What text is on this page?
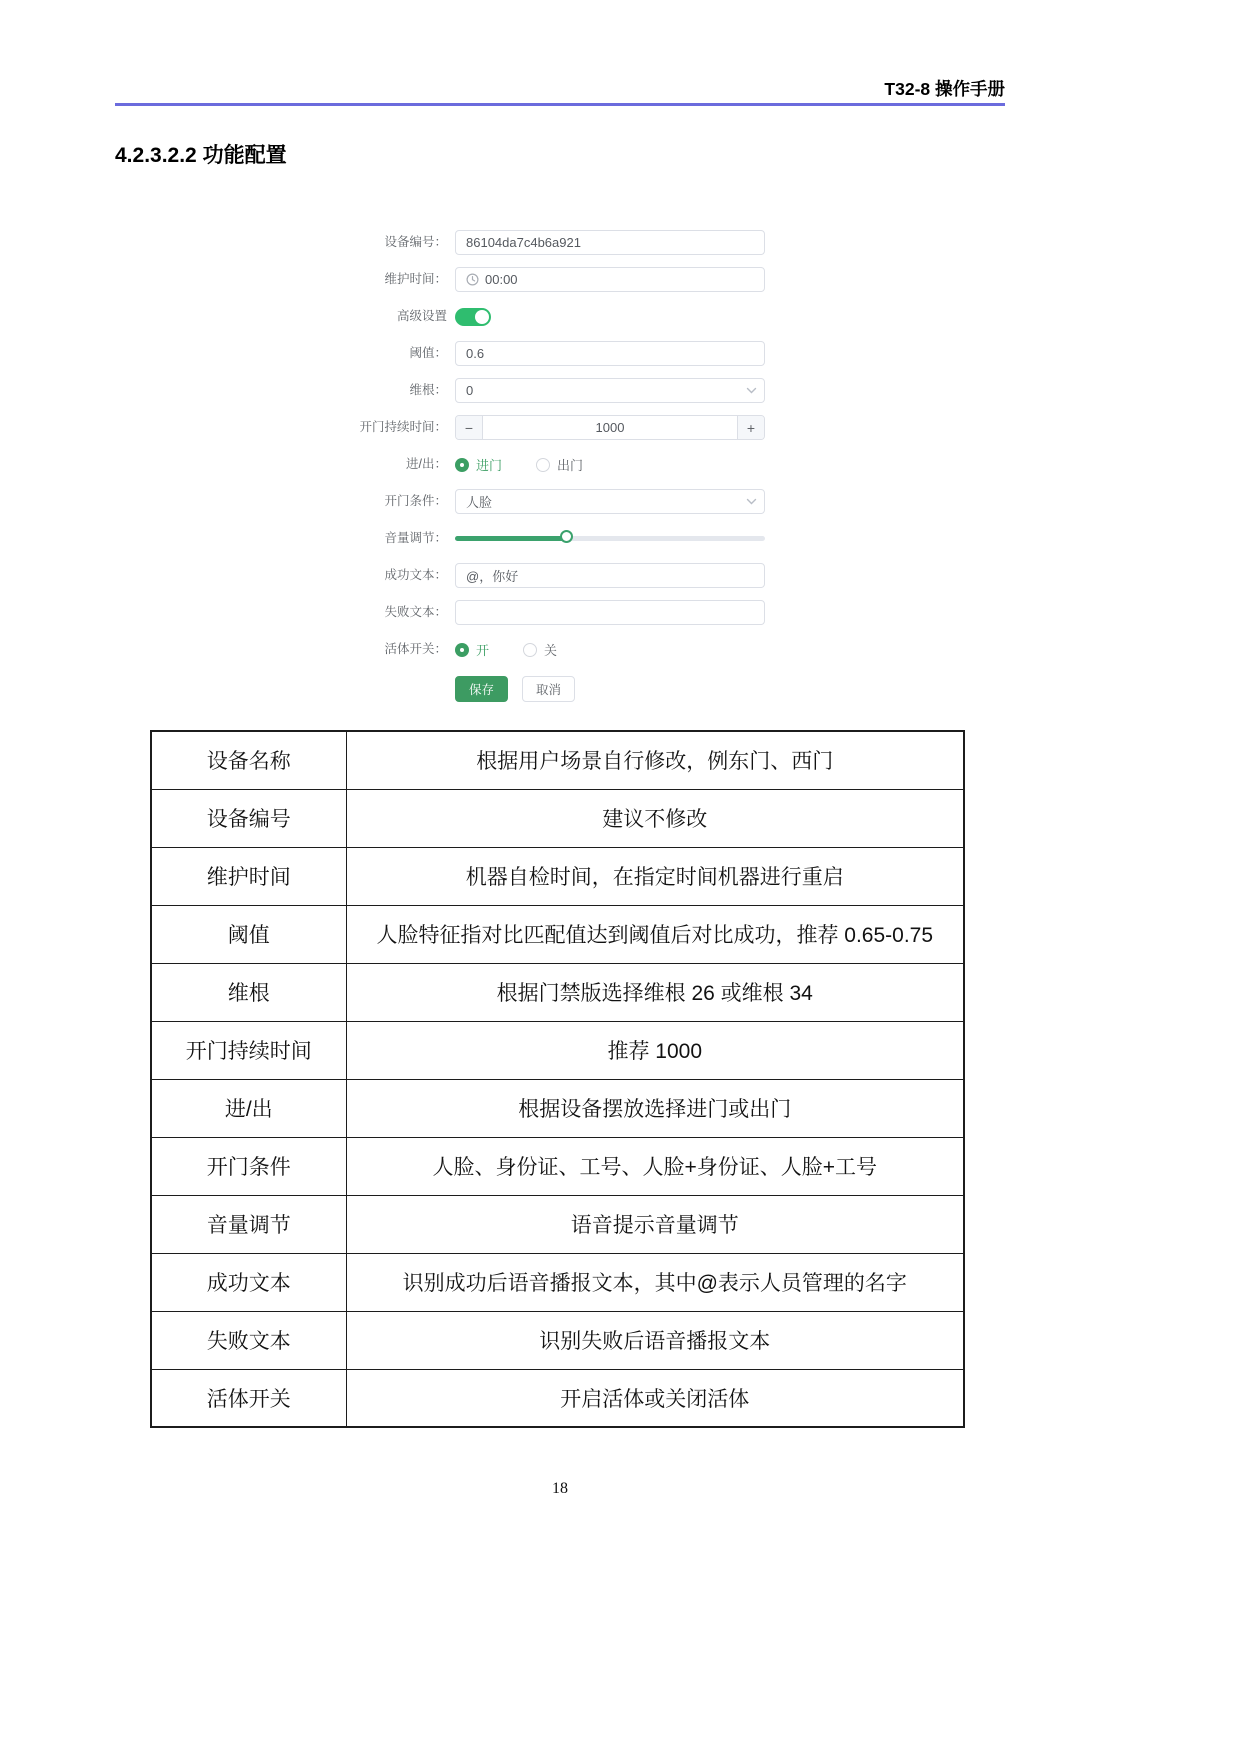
T32-8 操作手册
4.2.3.2.2 功能配置
设备编号：	86104da7c4b6a921
维护时间：	00:00
高级设置
阈值：	0.6
维根：	0
开门持续时间：	−	1000	+
进/出：	进门	出门
开门条件：	人脸
音量调节：
成功文本：	@，你好
失败文本：
活体开关：	开	关
保存	取消
设备名称	根据用户场景自行修改，例东门、西门
设备编号	建议不修改
维护时间	机器自检时间，在指定时间机器进行重启
阈值	人脸特征指对比匹配值达到阈值后对比成功，推荐 0.65-0.75
维根	根据门禁版选择维根 26 或维根 34
开门持续时间	推荐 1000
进/出	根据设备摆放选择进门或出门
开门条件	人脸、身份证、工号、人脸+身份证、人脸+工号
音量调节	语音提示音量调节
成功文本	识别成功后语音播报文本，其中@表示人员管理的名字
失败文本	识别失败后语音播报文本
活体开关	开启活体或关闭活体
18
